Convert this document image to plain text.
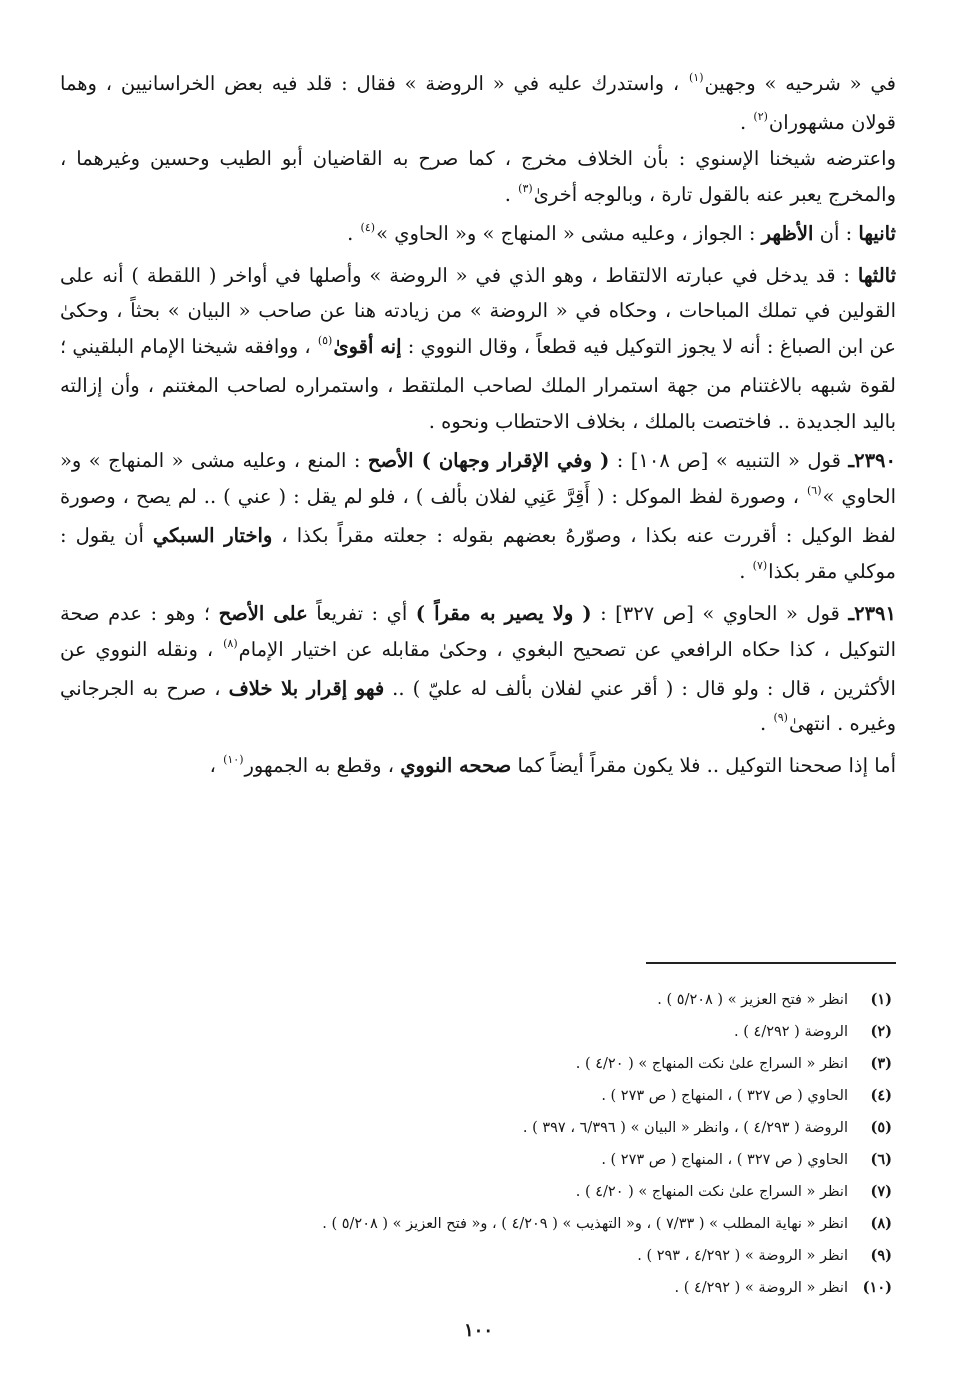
في « شرحيه » وجهين$^{(١)}$ ، واستدرك عليه في « الروضة » فقال : قلد فيه بعض الخراسانيين ، وهما قولان مشهوران$^{(٢)}$ .

واعترضه شيخنا الإسنوي : بأن الخلاف مخرج ، كما صرح به القاضيان أبو الطيب وحسين وغيرهما ، والمخرج يعبر عنه بالقول تارة ، وبالوجه أخرىٰ$^{(٣)}$ .

ثانيها : أن الأظهر : الجواز ، وعليه مشى « المنهاج » و« الحاوي »$^{(٤)}$ .

ثالثها : قد يدخل في عبارته الالتقاط ، وهو الذي في « الروضة » وأصلها في أواخر ( اللقطة ) أنه على القولين في تملك المباحات ، وحكاه في « الروضة » من زيادته هنا عن صاحب « البيان » بحثاً ، وحكىٰ عن ابن الصباغ : أنه لا يجوز التوكيل فيه قطعاً ، وقال النووي : إنه أقوىٰ$^{(٥)}$ ، ووافقه شيخنا الإمام البلقيني ؛ لقوة شبهه بالاغتنام من جهة استمرار الملك لصاحب الملتقط ، واستمراره لصاحب المغتنم ، وأن إزالته باليد الجديدة .. فاختصت بالملك ، بخلاف الاحتطاب ونحوه .

٢٣٩٠ـ قول « التنبيه » [ص ١٠٨] : ( وفي الإقرار وجهان ) الأصح : المنع ، وعليه مشى « المنهاج » و« الحاوي »$^{(٦)}$ ، وصورة لفظ الموكل : ( أَقِرَّ عَنِي لفلان بألف ) ، فلو لم يقل : ( عني ) .. لم يصح ، وصورة لفظ الوكيل : أقررت عنه بكذا ، وصوّرهُ بعضهم بقوله : جعلته مقراً بكذا ، واختار السبكي أن يقول : موكلي مقر بكذا$^{(٧)}$ .

٢٣٩١ـ قول « الحاوي » [ص ٣٢٧] : ( ولا يصير به مقراً ) أي : تفريعاً على الأصح ؛ وهو : عدم صحة التوكيل ، كذا حكاه الرافعي عن تصحيح البغوي ، وحكىٰ مقابله عن اختيار الإمام$^{(٨)}$ ، ونقله النووي عن الأكثرين ، قال : ولو قال : ( أقر عني لفلان بألف له عليّ ) .. فهو إقرار بلا خلاف ، صرح به الجرجاني وغيره . انتهىٰ$^{(٩)}$ .

أما إذا صححنا التوكيل .. فلا يكون مقراً أيضاً كما صححه النووي ، وقطع به الجمهور$^{(١٠)}$ ،

(١)انظر « فتح العزيز » ( ٥/٢٠٨ ) .
(٢)الروضة ( ٤/٢٩٢ ) .
(٣)انظر « السراج علىٰ نكت المنهاج » ( ٤/٢٠ ) .
(٤)الحاوي ( ص ٣٢٧ ) ، المنهاج ( ص ٢٧٣ ) .
(٥)الروضة ( ٤/٢٩٣ ) ، وانظر « البيان » ( ٦/٣٩٦ ، ٣٩٧ ) .
(٦)الحاوي ( ص ٣٢٧ ) ، المنهاج ( ص ٢٧٣ ) .
(٧)انظر « السراج علىٰ نكت المنهاج » ( ٤/٢٠ ) .
(٨)انظر « نهاية المطلب » ( ٧/٣٣ ) ، و« التهذيب » ( ٤/٢٠٩ ) ، و« فتح العزيز » ( ٥/٢٠٨ ) .
(٩)انظر « الروضة » ( ٤/٢٩٢ ، ٢٩٣ ) .
(١٠)انظر « الروضة » ( ٤/٢٩٢ ) .
١٠٠
